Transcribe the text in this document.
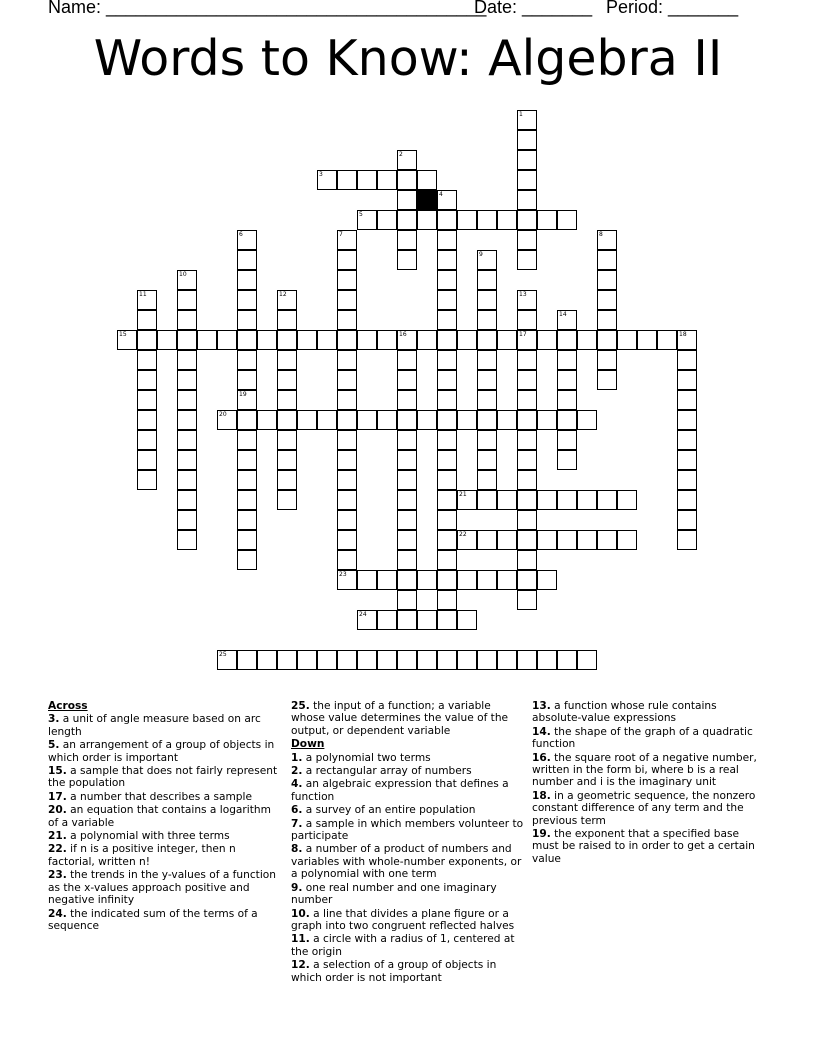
Name: ______________________________________
Date: _______ Period: _______
Words to Know: Algebra II
3
5
15	17
20
21
22
23
24
25
1
2
4
6	7	8
9
10
11	12	13
14
16	18
19
Across
3. a unit of angle measure based on arc length
5. an arrangement of a group of objects in which order is important
15. a sample that does not fairly represent the population
17. a number that describes a sample
20. an equation that contains a logarithm of a variable
21. a polynomial with three terms
22. if n is a positive integer, then n factorial, written n!
23. the trends in the y-values of a function as the x-values approach positive and negative infinity
24. the indicated sum of the terms of a sequence
25. the input of a function; a variable whose value determines the value of the output, or dependent variable
Down
1. a polynomial two terms
2. a rectangular array of numbers
4. an algebraic expression that defines a function
6. a survey of an entire population
7. a sample in which members volunteer to participate
8. a number of a product of numbers and variables with whole-number exponents, or a polynomial with one term
9. one real number and one imaginary number
10. a line that divides a plane figure or a graph into two congruent reflected halves
11. a circle with a radius of 1, centered at the origin
12. a selection of a group of objects in which order is not important
13. a function whose rule contains absolute-value expressions
14. the shape of the graph of a quadratic function
16. the square root of a negative number, written in the form bi, where b is a real number and i is the imaginary unit
18. in a geometric sequence, the nonzero constant difference of any term and the previous term
19. the exponent that a specified base must be raised to in order to get a certain value
